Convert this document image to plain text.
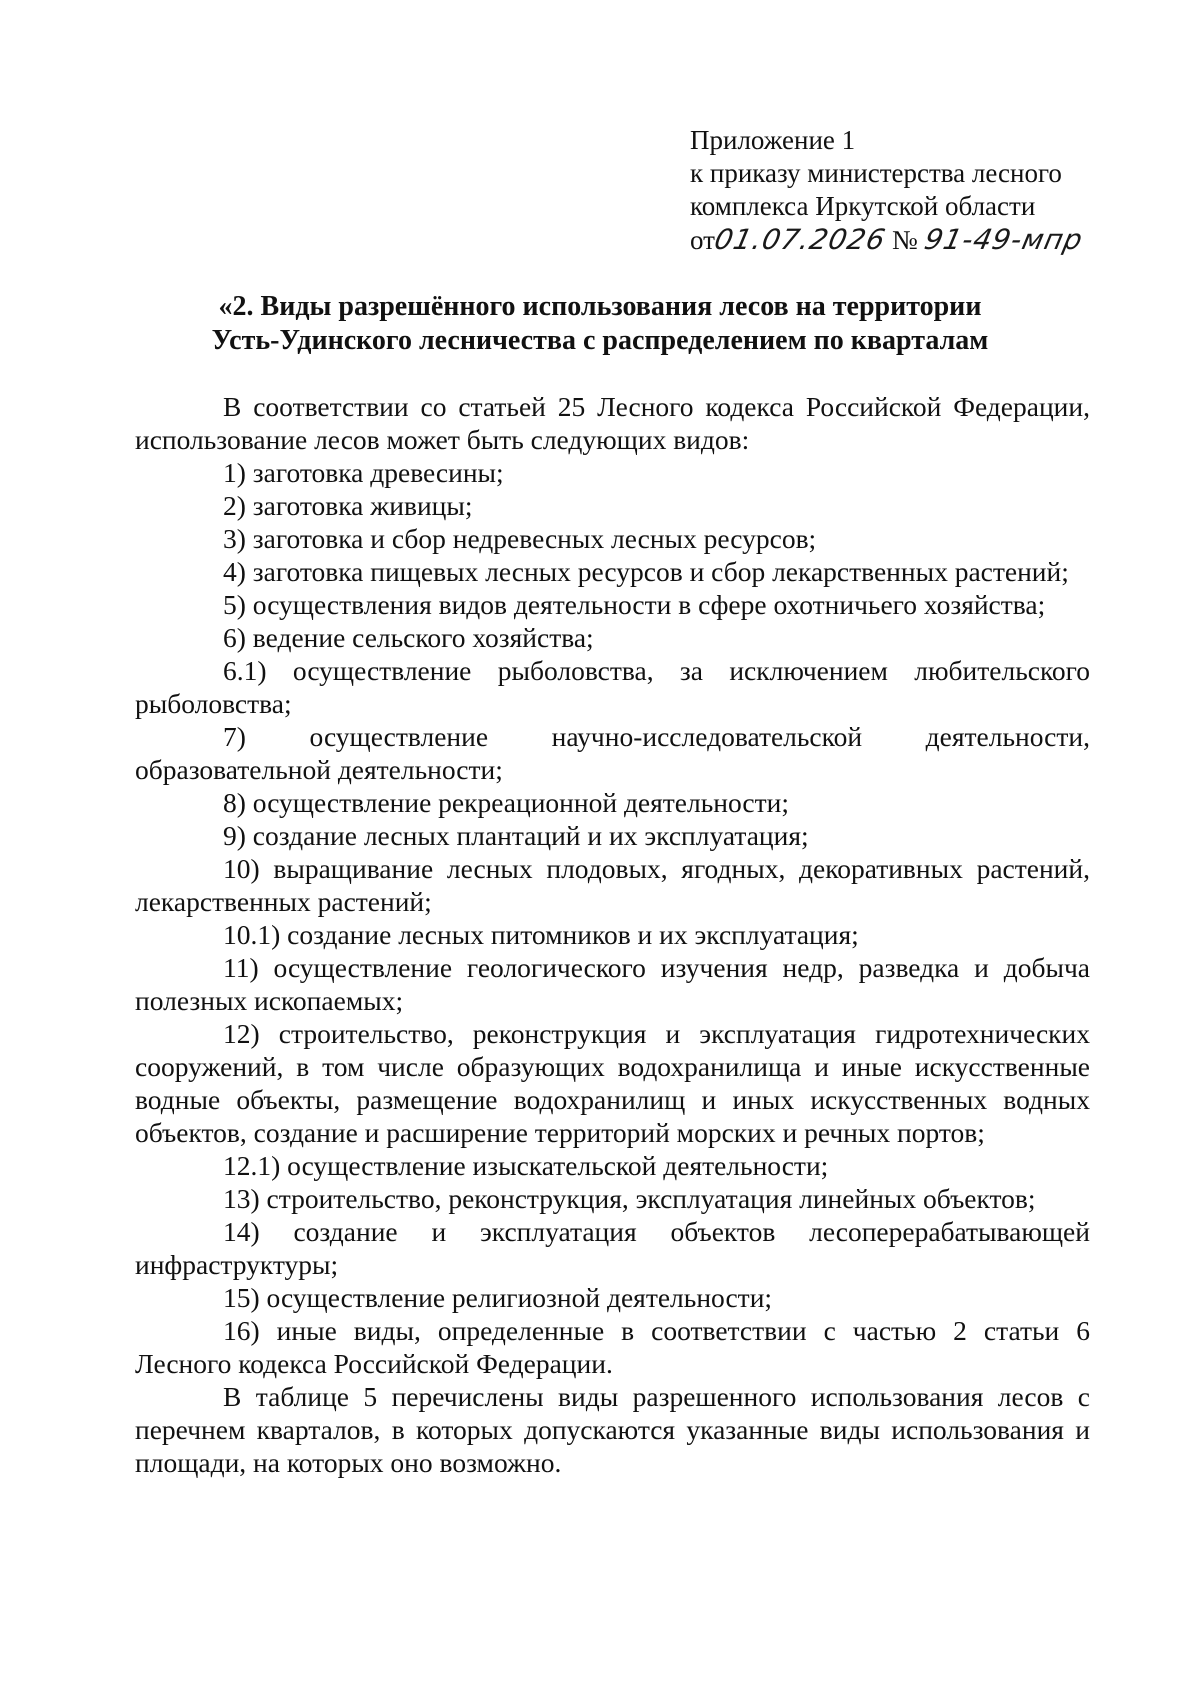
Приложение 1
к приказу министерства лесного
комплекса Иркутской области
от01.07.2026 № 91-49-мпр
«2. Виды разрешённого использования лесов на территории
Усть-Удинского лесничества с распределением по кварталам

В соответствии со статьей 25 Лесного кодекса Российской Федерации, использование лесов может быть следующих видов:

1) заготовка древесины;

2) заготовка живицы;

3) заготовка и сбор недревесных лесных ресурсов;

4) заготовка пищевых лесных ресурсов и сбор лекарственных растений;

5) осуществления видов деятельности в сфере охотничьего хозяйства;

6) ведение сельского хозяйства;

6.1) осуществление рыболовства, за исключением любительского рыболовства;

7) осуществление научно-исследовательской деятельности, образовательной деятельности;

8) осуществление рекреационной деятельности;

9) создание лесных плантаций и их эксплуатация;

10) выращивание лесных плодовых, ягодных, декоративных растений, лекарственных растений;

10.1) создание лесных питомников и их эксплуатация;

11) осуществление геологического изучения недр, разведка и добыча полезных ископаемых;

12) строительство, реконструкция и эксплуатация гидротехнических сооружений, в том числе образующих водохранилища и иные искусственные водные объекты, размещение водохранилищ и иных искусственных водных объектов, создание и расширение территорий морских и речных портов;

12.1) осуществление изыскательской деятельности;

13) строительство, реконструкция, эксплуатация линейных объектов;

14) создание и эксплуатация объектов лесоперерабатывающей инфраструктуры;

15) осуществление религиозной деятельности;

16) иные виды, определенные в соответствии с частью 2 статьи 6 Лесного кодекса Российской Федерации.

В таблице 5 перечислены виды разрешенного использования лесов с перечнем кварталов, в которых допускаются указанные виды использования и площади, на которых оно возможно.
